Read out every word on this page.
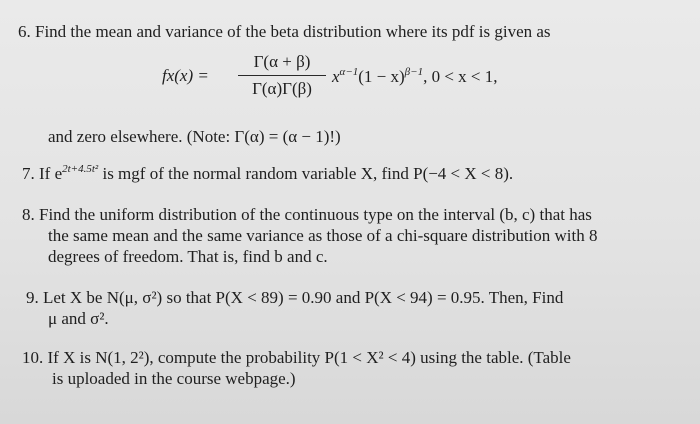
6. Find the mean and variance of the beta distribution where its pdf is given as
fx(x) =
Γ(α + β)
Γ(α)Γ(β)
$x^{\alpha-1}(1 - x)^{\beta-1}$, 0 < x < 1,
and zero elsewhere. (Note: Γ(α) = (α − 1)!)
7. If $e^{2t+4.5t^2}$ is mgf of the normal random variable X, find P(−4 < X < 8).
8. Find the uniform distribution of the continuous type on the interval (b, c) that has
the same mean and the same variance as those of a chi-square distribution with 8
degrees of freedom. That is, find b and c.
9. Let X be N(μ, σ²) so that P(X < 89) = 0.90 and P(X < 94) = 0.95. Then, Find
μ and σ².
10. If X is N(1, 2²), compute the probability P(1 < X² < 4) using the table. (Table
is uploaded in the course webpage.)
